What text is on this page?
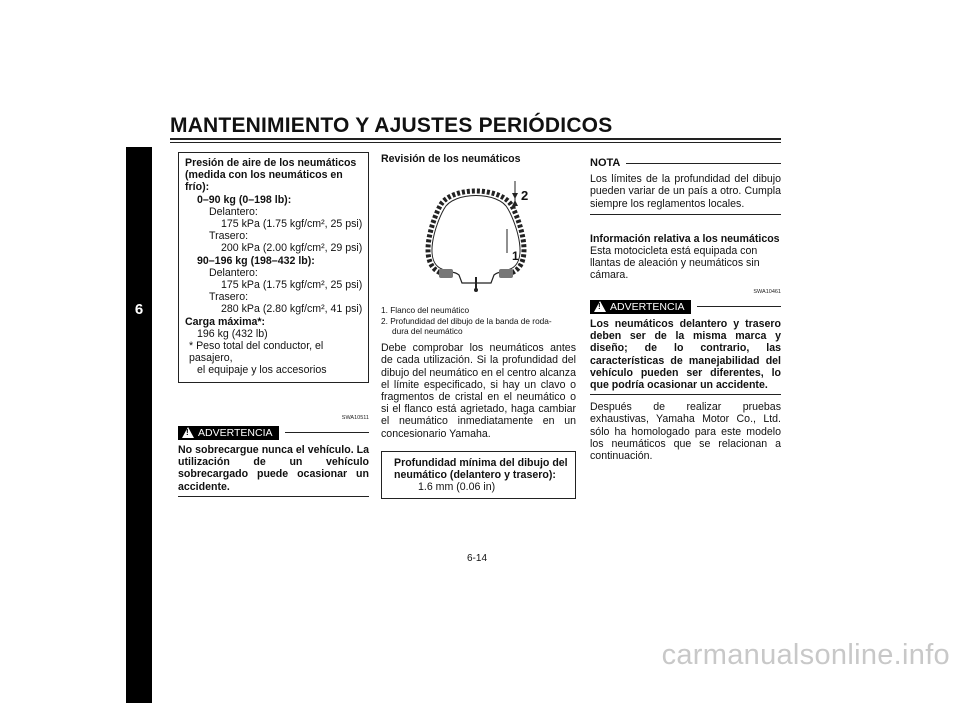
MANTENIMIENTO Y AJUSTES PERIÓDICOS
6
Presión de aire de los neumáticos
(medida con los neumáticos en frío):
0–90 kg (0–198 lb):
Delantero:
175 kPa (1.75 kgf/cm², 25 psi)
Trasero:
200 kPa (2.00 kgf/cm², 29 psi)
90–196 kg (198–432 lb):
Delantero:
175 kPa (1.75 kgf/cm², 25 psi)
Trasero:
280 kPa (2.80 kgf/cm², 41 psi)
Carga máxima*:
196 kg (432 lb)
* Peso total del conductor, el pasajero,
el equipaje y los accesorios
SWA10511
!
ADVERTENCIA
No sobrecargue nunca el vehículo. La utilización de un vehículo sobrecargado puede ocasionar un accidente.
Revisión de los neumáticos
2
1
1. Flanco del neumático
2. Profundidad del dibujo de la banda de roda-
dura del neumático
Debe comprobar los neumáticos antes de cada utilización. Si la profundidad del dibujo del neumático en el centro alcanza el límite especificado, si hay un clavo o fragmentos de cristal en el neumático o si el flanco está agrietado, haga cambiar el neumático inmediatamente en un concesionario Yamaha.
Profundidad mínima del dibujo del
neumático (delantero y trasero):
1.6 mm (0.06 in)
NOTA
Los límites de la profundidad del dibujo pueden variar de un país a otro. Cumpla siempre los reglamentos locales.
Información relativa a los neumáticos
Esta motocicleta está equipada con llantas de aleación y neumáticos sin cámara.
SWA10461
!
ADVERTENCIA
Los neumáticos delantero y trasero deben ser de la misma marca y diseño; de lo contrario, las características de manejabilidad del vehículo pueden ser diferentes, lo que podría ocasionar un accidente.
Después de realizar pruebas exhaustivas, Yamaha Motor Co., Ltd. sólo ha homologado para este modelo los neumáticos que se relacionan a continuación.
6-14
carmanualsonline.info
